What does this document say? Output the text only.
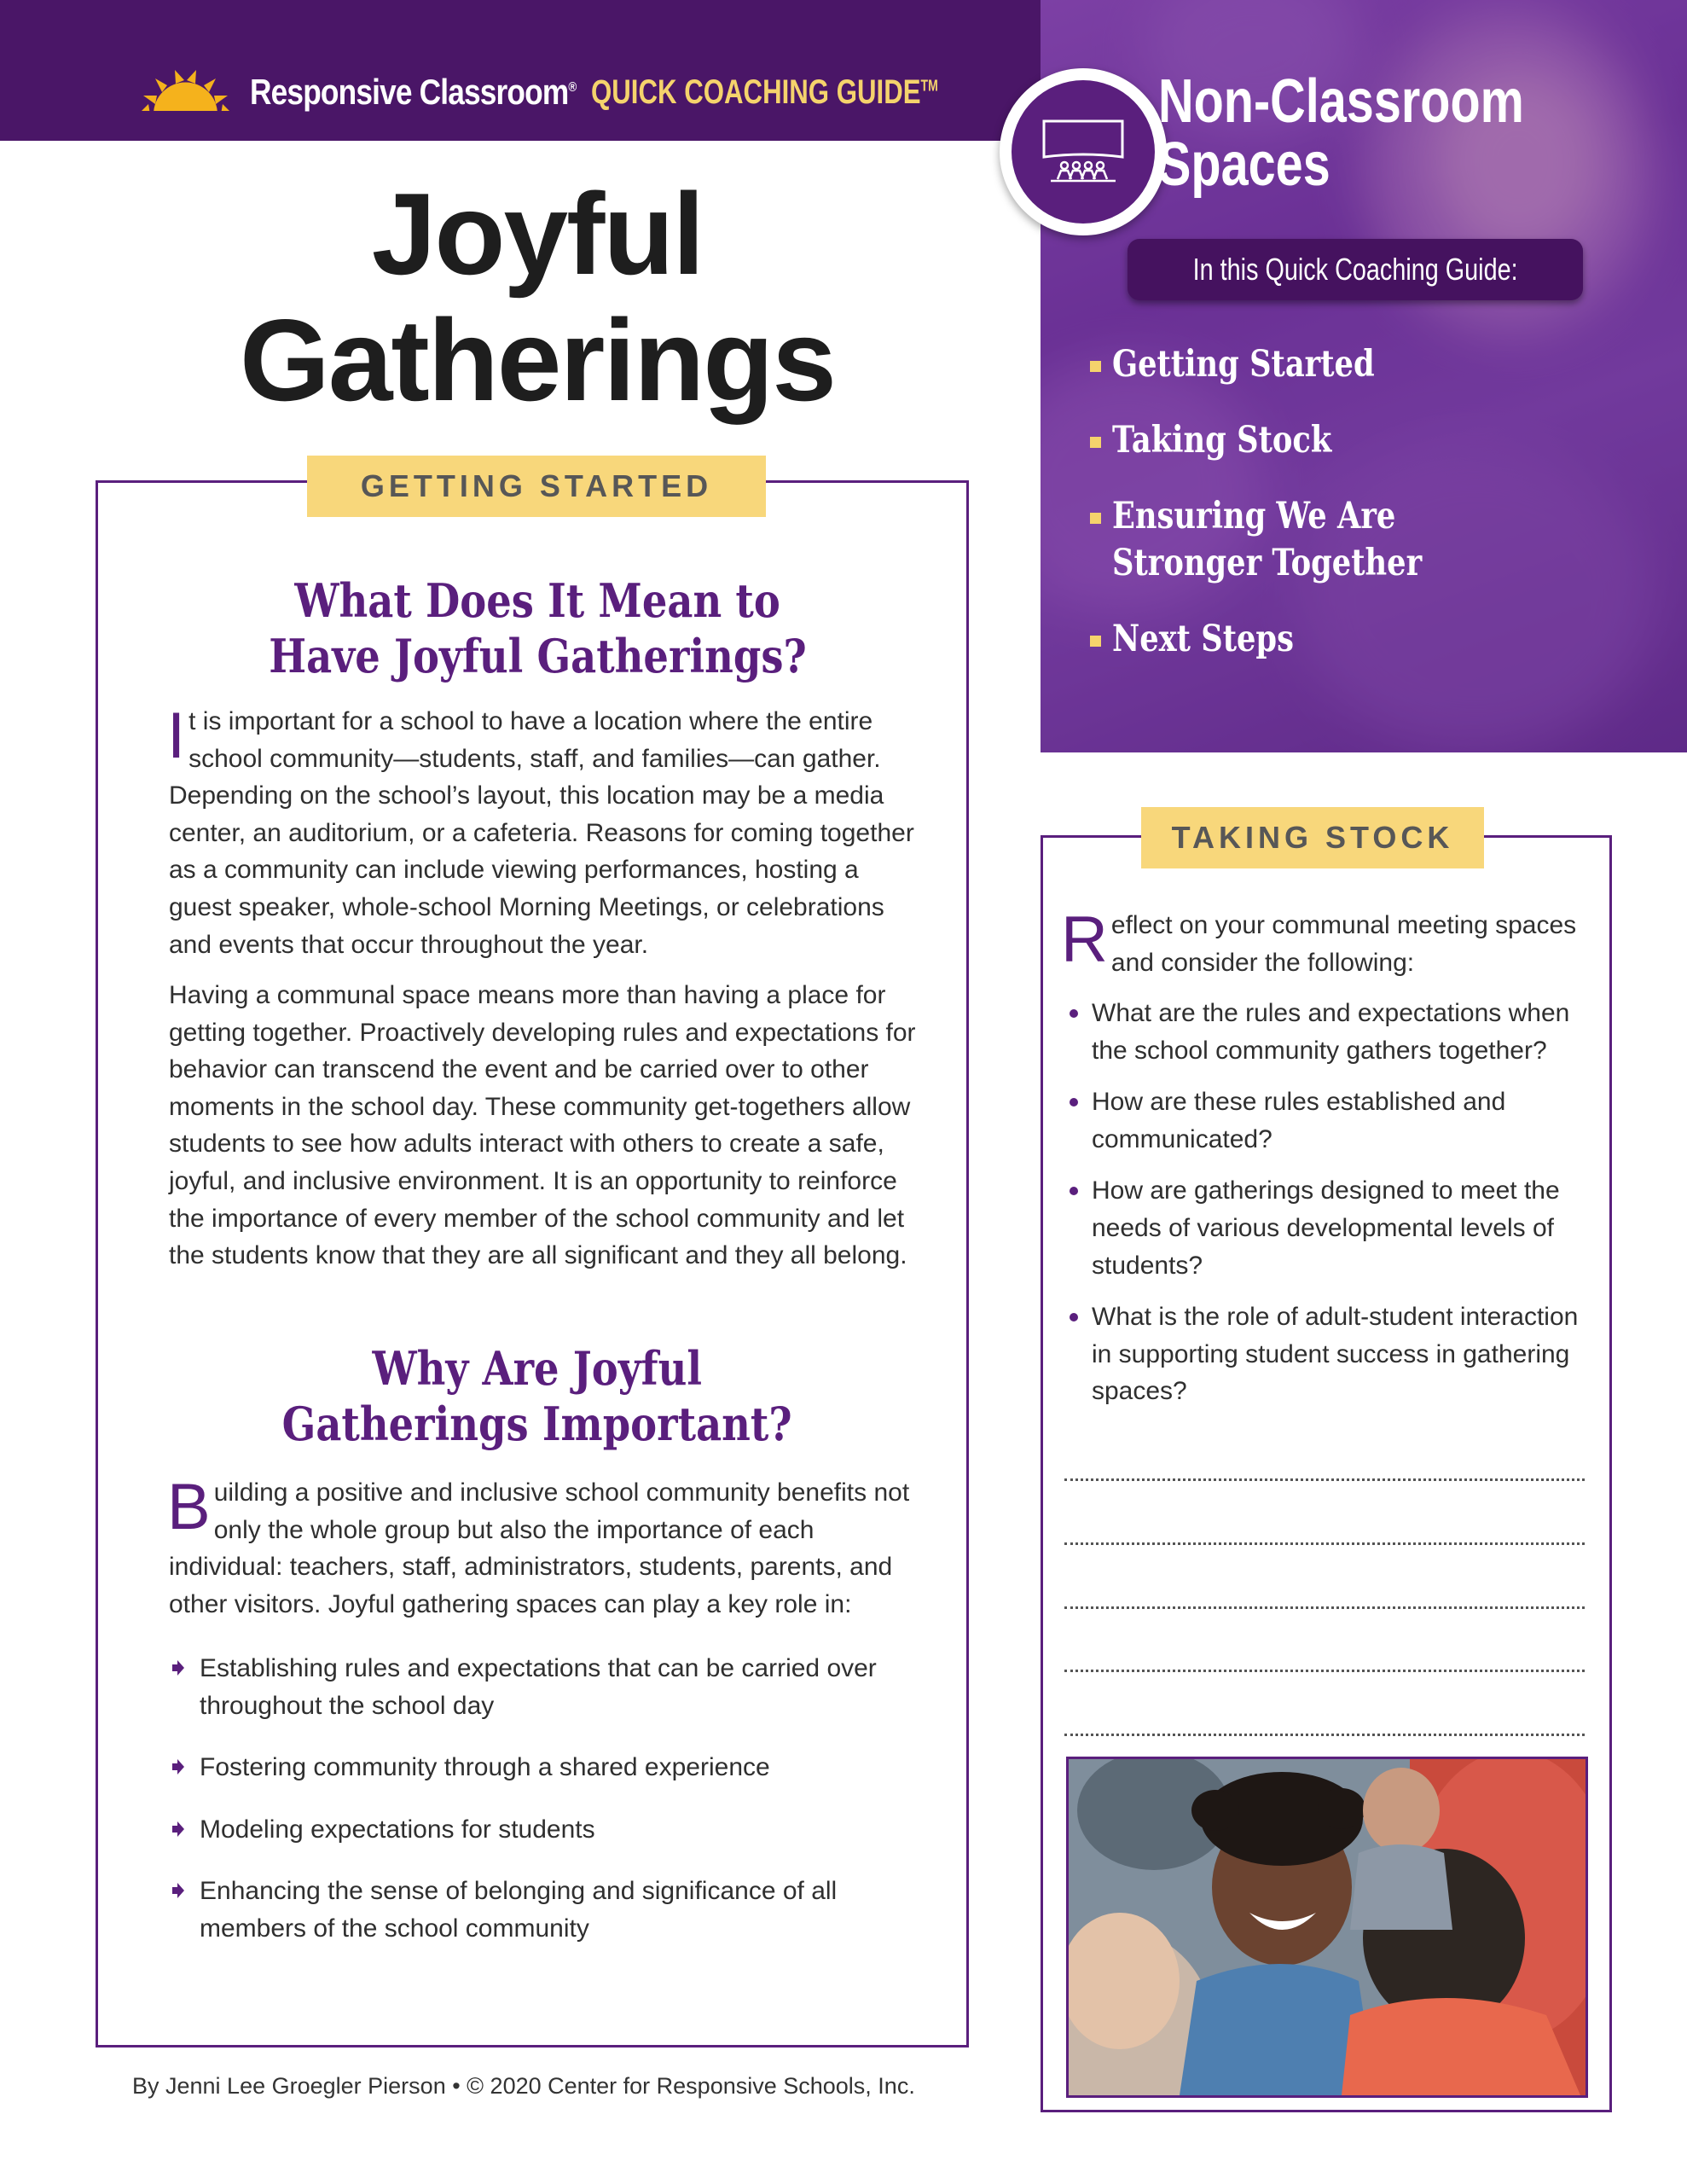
Responsive Classroom® QUICK COACHING GUIDE™	Non-Classroom
Spaces
In this Quick Coaching Guide:
Getting Started
Taking Stock
Ensuring We Are
Stronger Together
Next Steps
Joyful
Gatherings
GETTING STARTED
What Does It Mean to
Have Joyful Gatherings?

It is important for a school to have a location where the entire school community—students, staff, and families—can gather. Depending on the school’s layout, this location may be a media center, an auditorium, or a cafeteria. Reasons for coming together as a community can include viewing performances, hosting a guest speaker, whole-school Morning Meetings, or celebrations and events that occur throughout the year.

Having a communal space means more than having a place for getting together. Proactively developing rules and expectations for behavior can transcend the event and be carried over to other moments in the school day. These community get-togethers allow students to see how adults interact with others to create a safe, joyful, and inclusive environment. It is an opportunity to reinforce the importance of every member of the school community and let the students know that they are all significant and they all belong.

Why Are Joyful
Gatherings Important?

Building a positive and inclusive school community benefits not only the whole group but also the importance of each individual: teachers, staff, administrators, students, parents, and other visitors. Joyful gathering spaces can play a key role in:

Establishing rules and expectations that can be carried over throughout the school day
Fostering community through a shared experience
Modeling expectations for students
Enhancing the sense of belonging and significance of all members of the school community
TAKING STOCK

Reflect on your communal meeting spaces and consider the following:

What are the rules and expectations when the school community gathers together?
How are these rules established and communicated?
How are gatherings designed to meet the needs of various developmental levels of students?
What is the role of adult-student interaction in supporting student success in gathering spaces?
By Jenni Lee Groegler Pierson • © 2020 Center for Responsive Schools, Inc.
